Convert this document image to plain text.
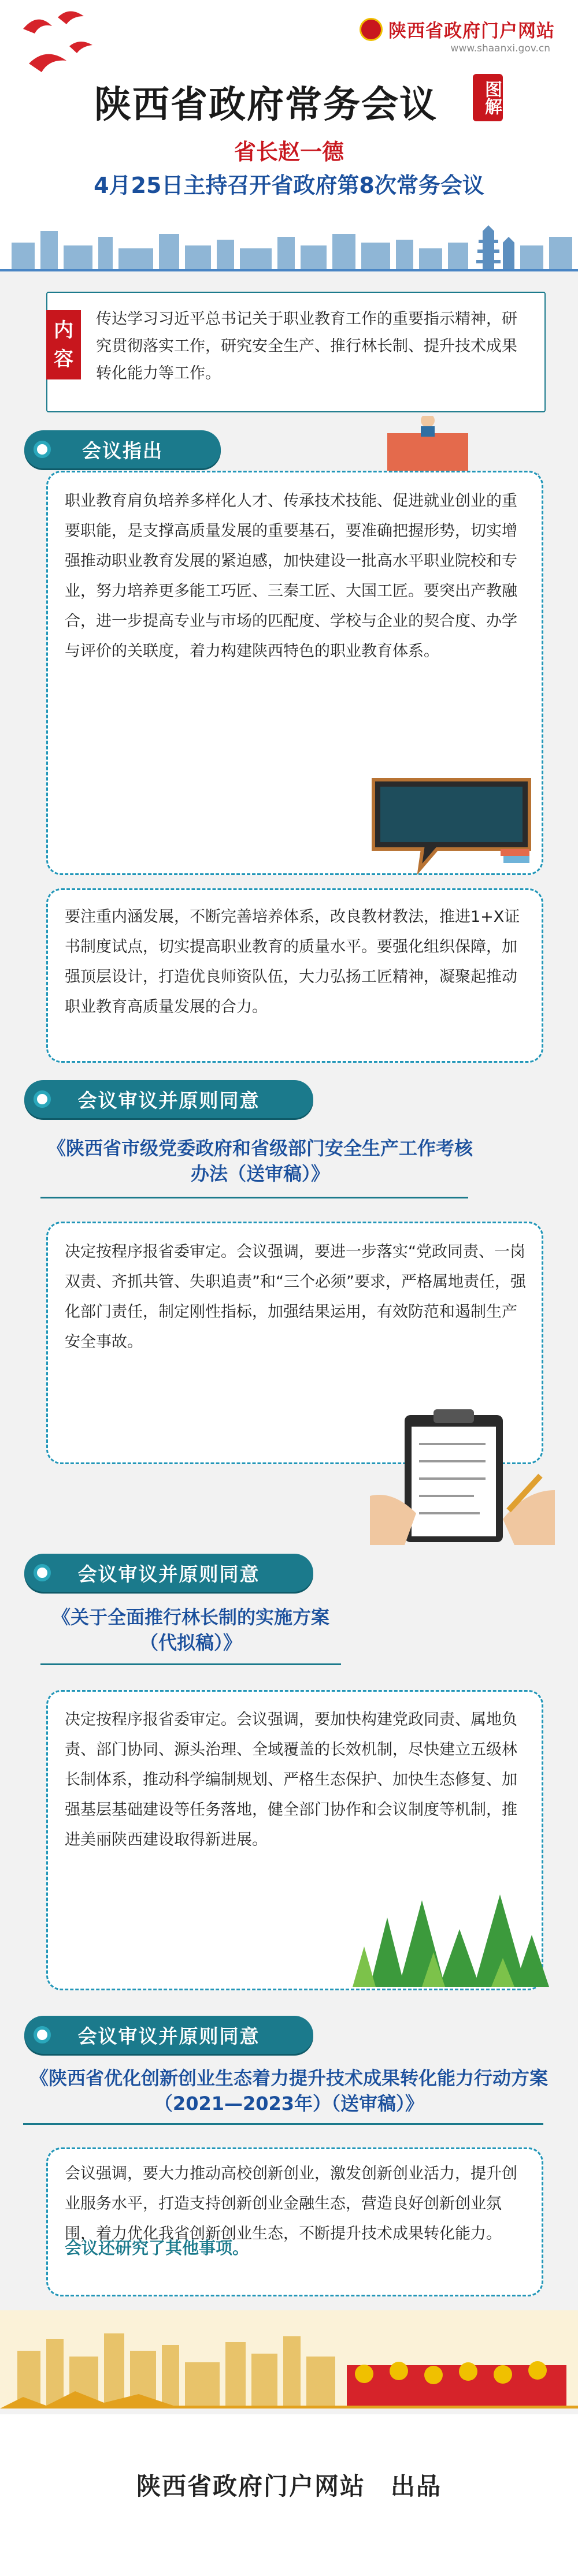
陕西省政府门户网站
www.shaanxi.gov.cn
陕西省政府常务会议	图解
省长赵一德
4月25日主持召开省政府第8次常务会议
内容
传达学习习近平总书记关于职业教育工作的重要指示精神，研究贯彻落实工作，研究安全生产、推行林长制、提升技术成果转化能力等工作。
会议指出
职业教育肩负培养多样化人才、传承技术技能、促进就业创业的重要职能，是支撑高质量发展的重要基石，要准确把握形势，切实增强推动职业教育发展的紧迫感，加快建设一批高水平职业院校和专业，努力培养更多能工巧匠、三秦工匠、大国工匠。要突出产教融合，进一步提高专业与市场的匹配度、学校与企业的契合度、办学与评价的关联度，着力构建陕西特色的职业教育体系。
要注重内涵发展，不断完善培养体系，改良教材教法，推进1+X证书制度试点，切实提高职业教育的质量水平。要强化组织保障，加强顶层设计，打造优良师资队伍，大力弘扬工匠精神，凝聚起推动职业教育高质量发展的合力。
会议审议并原则同意
《陕西省市级党委政府和省级部门安全生产工作考核办法（送审稿）》
决定按程序报省委审定。会议强调，要进一步落实“党政同责、一岗双责、齐抓共管、失职追责”和“三个必须”要求，严格属地责任，强化部门责任，制定刚性指标，加强结果运用，有效防范和遏制生产安全事故。
会议审议并原则同意
《关于全面推行林长制的实施方案（代拟稿）》
决定按程序报省委审定。会议强调，要加快构建党政同责、属地负责、部门协同、源头治理、全域覆盖的长效机制，尽快建立五级林长制体系，推动科学编制规划、严格生态保护、加快生态修复、加强基层基础建设等任务落地，健全部门协作和会议制度等机制，推进美丽陕西建设取得新进展。
会议审议并原则同意
《陕西省优化创新创业生态着力提升技术成果转化能力行动方案（2021—2023年）（送审稿）》
会议强调，要大力推动高校创新创业，激发创新创业活力，提升创业服务水平，打造支持创新创业金融生态，营造良好创新创业氛围，着力优化我省创新创业生态，不断提升技术成果转化能力。
会议还研究了其他事项。
陕西省政府门户网站　出品
